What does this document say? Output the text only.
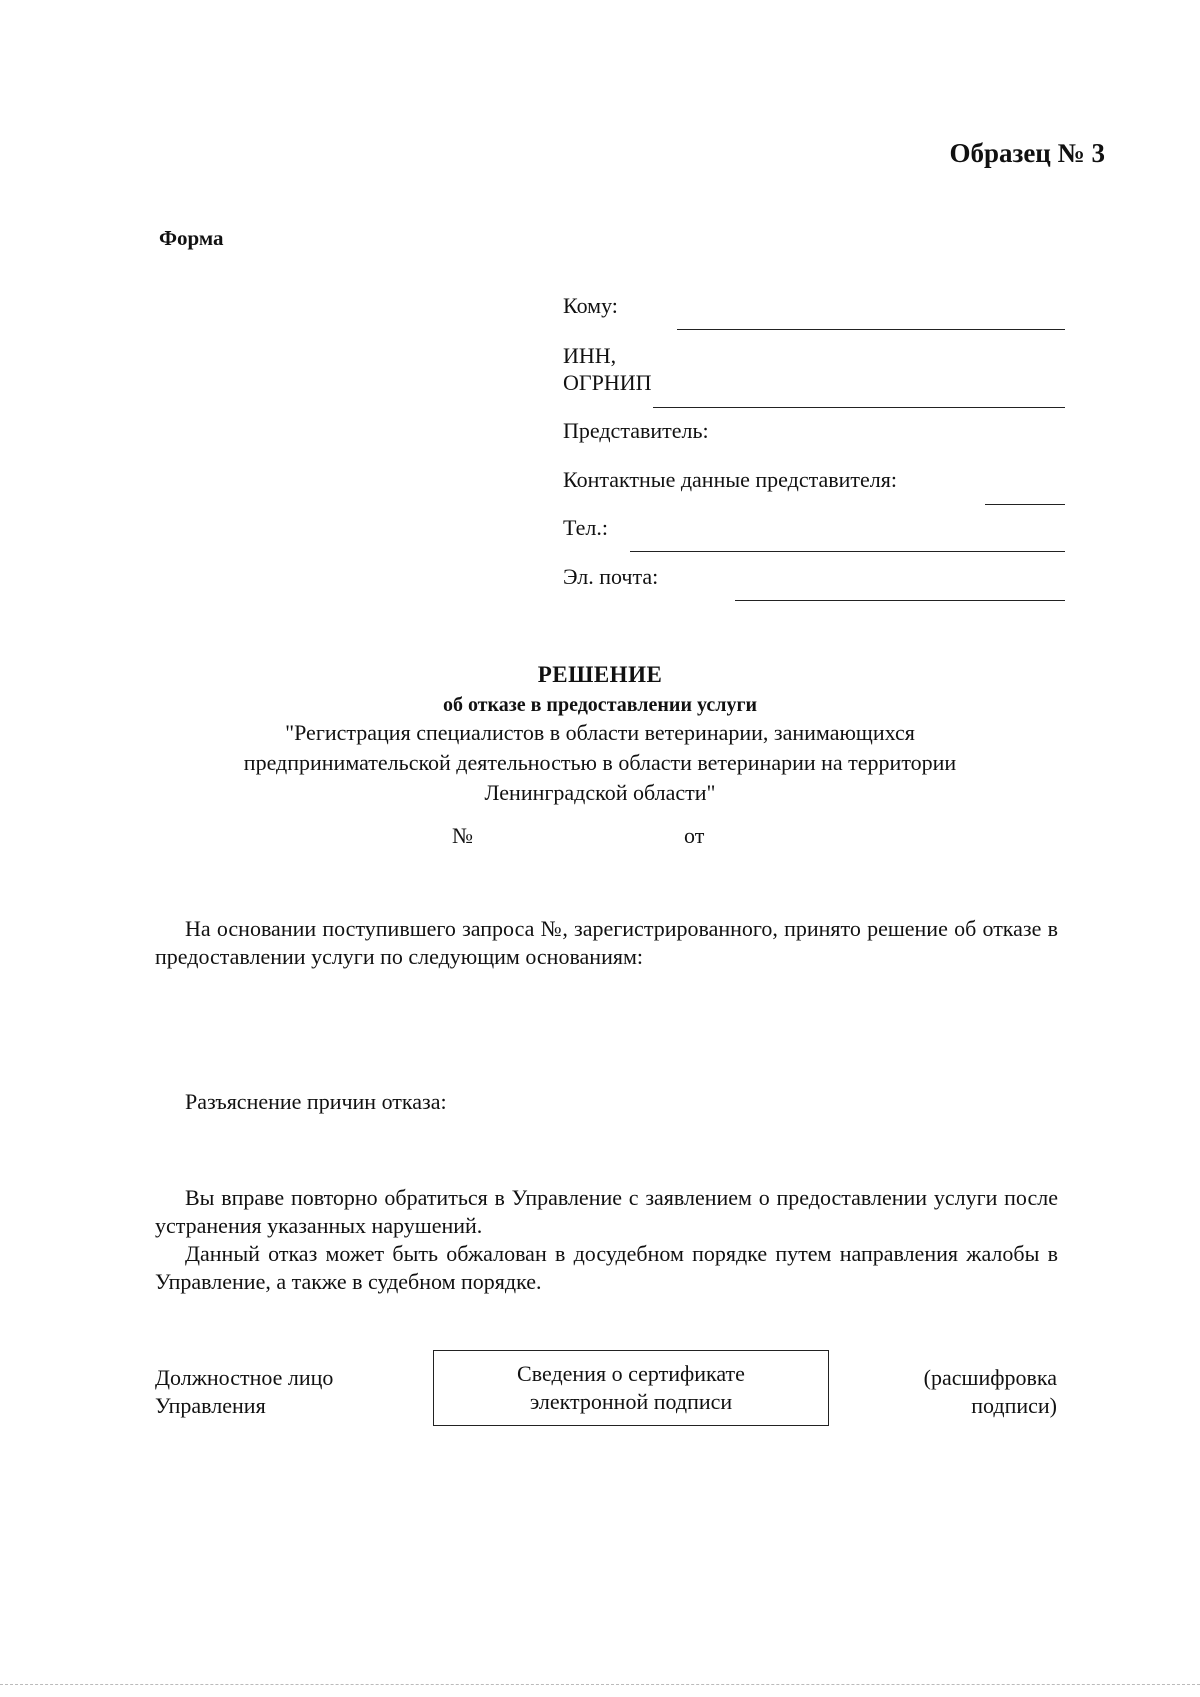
Образец № 3
Форма
Кому:
ИНН,
ОГРНИП
Представитель:
Контактные данные представителя:
Тел.:
Эл. почта:
РЕШЕНИЕ
об отказе в предоставлении услуги
"Регистрация специалистов в области ветеринарии, занимающихся предпринимательской деятельностью в области ветеринарии на территории Ленинградской области"
№	от
На основании поступившего запроса №, зарегистрированного, принято решение об отказе в предоставлении услуги по следующим основаниям:
Разъяснение причин отказа:
Вы вправе повторно обратиться в Управление с заявлением о предоставлении услуги после устранения указанных нарушений.
Данный отказ может быть обжалован в досудебном порядке путем направления жалобы в Управление, а также в судебном порядке.
Должностное лицо
Управления
Сведения о сертификате
электронной подписи
(расшифровка
подписи)
